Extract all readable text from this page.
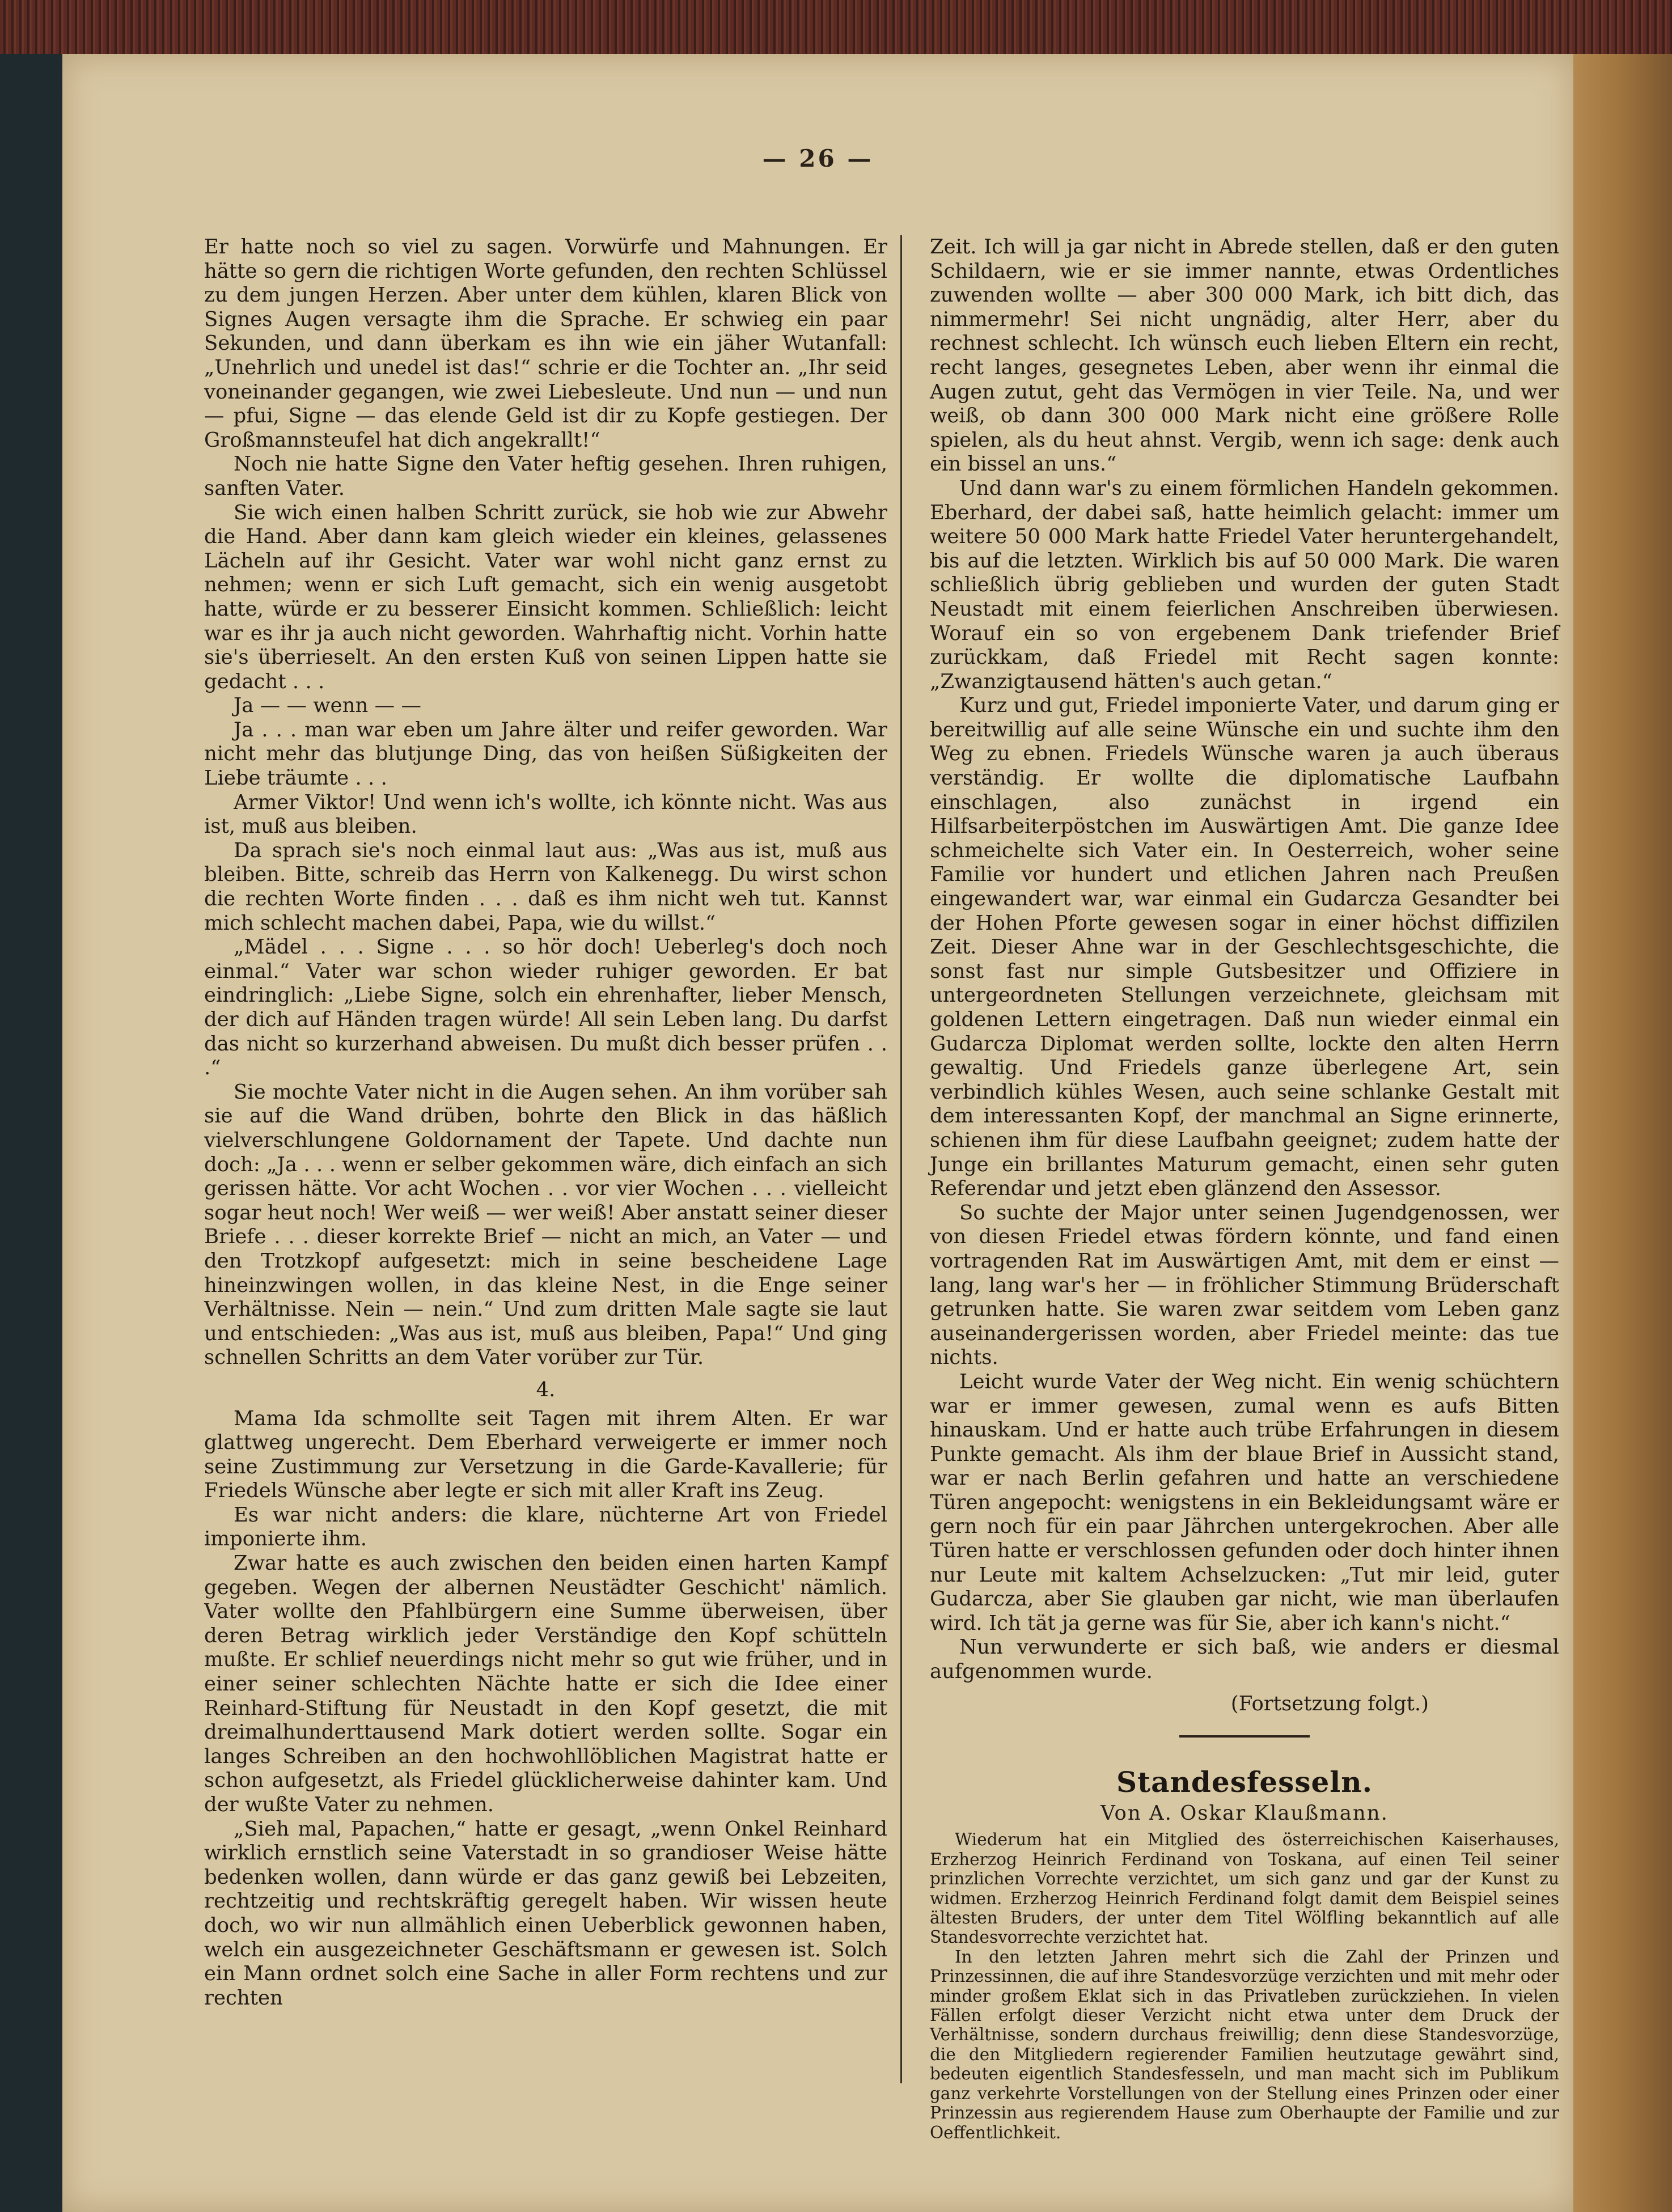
— 26 —

Er hatte noch so viel zu sagen. Vorwürfe und Mahnungen. Er hätte so gern die richtigen Worte gefunden, den rechten Schlüssel zu dem jungen Herzen. Aber unter dem kühlen, klaren Blick von Signes Augen versagte ihm die Sprache. Er schwieg ein paar Sekunden, und dann überkam es ihn wie ein jäher Wutanfall: „Unehrlich und unedel ist das!“ schrie er die Tochter an. „Ihr seid voneinander gegangen, wie zwei Liebesleute. Und nun — und nun — pfui, Signe — das elende Geld ist dir zu Kopfe gestiegen. Der Großmannsteufel hat dich angekrallt!“

Noch nie hatte Signe den Vater heftig gesehen. Ihren ruhigen, sanften Vater.

Sie wich einen halben Schritt zurück, sie hob wie zur Abwehr die Hand. Aber dann kam gleich wieder ein kleines, gelassenes Lächeln auf ihr Gesicht. Vater war wohl nicht ganz ernst zu nehmen; wenn er sich Luft gemacht, sich ein wenig ausgetobt hatte, würde er zu besserer Einsicht kommen. Schließlich: leicht war es ihr ja auch nicht geworden. Wahrhaftig nicht. Vorhin hatte sie's überrieselt. An den ersten Kuß von seinen Lippen hatte sie gedacht . . .

Ja — — wenn — —

Ja . . . man war eben um Jahre älter und reifer geworden. War nicht mehr das blutjunge Ding, das von heißen Süßigkeiten der Liebe träumte . . .

Armer Viktor! Und wenn ich's wollte, ich könnte nicht. Was aus ist, muß aus bleiben.

Da sprach sie's noch einmal laut aus: „Was aus ist, muß aus bleiben. Bitte, schreib das Herrn von Kalkenegg. Du wirst schon die rechten Worte finden . . . daß es ihm nicht weh tut. Kannst mich schlecht machen dabei, Papa, wie du willst.“

„Mädel . . . Signe . . . so hör doch! Ueberleg's doch noch einmal.“ Vater war schon wieder ruhiger geworden. Er bat eindringlich: „Liebe Signe, solch ein ehrenhafter, lieber Mensch, der dich auf Händen tragen würde! All sein Leben lang. Du darfst das nicht so kurzerhand abweisen. Du mußt dich besser prüfen . . .“

Sie mochte Vater nicht in die Augen sehen. An ihm vorüber sah sie auf die Wand drüben, bohrte den Blick in das häßlich vielverschlungene Goldornament der Tapete. Und dachte nun doch: „Ja . . . wenn er selber gekommen wäre, dich einfach an sich gerissen hätte. Vor acht Wochen . . vor vier Wochen . . . vielleicht sogar heut noch! Wer weiß — wer weiß! Aber anstatt seiner dieser Briefe . . . dieser korrekte Brief — nicht an mich, an Vater — und den Trotzkopf aufgesetzt: mich in seine bescheidene Lage hineinzwingen wollen, in das kleine Nest, in die Enge seiner Verhältnisse. Nein — nein.“ Und zum dritten Male sagte sie laut und entschieden: „Was aus ist, muß aus bleiben, Papa!“ Und ging schnellen Schritts an dem Vater vorüber zur Tür.

4.

Mama Ida schmollte seit Tagen mit ihrem Alten. Er war glattweg ungerecht. Dem Eberhard verweigerte er immer noch seine Zustimmung zur Versetzung in die Garde-Kavallerie; für Friedels Wünsche aber legte er sich mit aller Kraft ins Zeug.

Es war nicht anders: die klare, nüchterne Art von Friedel imponierte ihm.

Zwar hatte es auch zwischen den beiden einen harten Kampf gegeben. Wegen der albernen Neustädter Geschicht' nämlich. Vater wollte den Pfahlbürgern eine Summe überweisen, über deren Betrag wirklich jeder Verständige den Kopf schütteln mußte. Er schlief neuerdings nicht mehr so gut wie früher, und in einer seiner schlechten Nächte hatte er sich die Idee einer Reinhard-Stiftung für Neustadt in den Kopf gesetzt, die mit dreimalhunderttausend Mark dotiert werden sollte. Sogar ein langes Schreiben an den hochwohllöblichen Magistrat hatte er schon aufgesetzt, als Friedel glücklicherweise dahinter kam. Und der wußte Vater zu nehmen.

„Sieh mal, Papachen,“ hatte er gesagt, „wenn Onkel Reinhard wirklich ernstlich seine Vaterstadt in so grandioser Weise hätte bedenken wollen, dann würde er das ganz gewiß bei Lebzeiten, rechtzeitig und rechtskräftig geregelt haben. Wir wissen heute doch, wo wir nun allmählich einen Ueberblick gewonnen haben, welch ein ausgezeichneter Geschäftsmann er gewesen ist. Solch ein Mann ordnet solch eine Sache in aller Form rechtens und zur rechten

Zeit. Ich will ja gar nicht in Abrede stellen, daß er den guten Schildaern, wie er sie immer nannte, etwas Ordentliches zuwenden wollte — aber 300 000 Mark, ich bitt dich, das nimmermehr! Sei nicht ungnädig, alter Herr, aber du rechnest schlecht. Ich wünsch euch lieben Eltern ein recht, recht langes, gesegnetes Leben, aber wenn ihr einmal die Augen zutut, geht das Vermögen in vier Teile. Na, und wer weiß, ob dann 300 000 Mark nicht eine größere Rolle spielen, als du heut ahnst. Vergib, wenn ich sage: denk auch ein bissel an uns.“

Und dann war's zu einem förmlichen Handeln gekommen. Eberhard, der dabei saß, hatte heimlich gelacht: immer um weitere 50 000 Mark hatte Friedel Vater heruntergehandelt, bis auf die letzten. Wirklich bis auf 50 000 Mark. Die waren schließlich übrig geblieben und wurden der guten Stadt Neustadt mit einem feierlichen Anschreiben überwiesen. Worauf ein so von ergebenem Dank triefender Brief zurückkam, daß Friedel mit Recht sagen konnte: „Zwanzigtausend hätten's auch getan.“

Kurz und gut, Friedel imponierte Vater, und darum ging er bereitwillig auf alle seine Wünsche ein und suchte ihm den Weg zu ebnen. Friedels Wünsche waren ja auch überaus verständig. Er wollte die diplomatische Laufbahn einschlagen, also zunächst in irgend ein Hilfsarbeiterpöstchen im Auswärtigen Amt. Die ganze Idee schmeichelte sich Vater ein. In Oesterreich, woher seine Familie vor hundert und etlichen Jahren nach Preußen eingewandert war, war einmal ein Gudarcza Gesandter bei der Hohen Pforte gewesen sogar in einer höchst diffizilen Zeit. Dieser Ahne war in der Geschlechtsgeschichte, die sonst fast nur simple Gutsbesitzer und Offiziere in untergeordneten Stellungen verzeichnete, gleichsam mit goldenen Lettern eingetragen. Daß nun wieder einmal ein Gudarcza Diplomat werden sollte, lockte den alten Herrn gewaltig. Und Friedels ganze überlegene Art, sein verbindlich kühles Wesen, auch seine schlanke Gestalt mit dem interessanten Kopf, der manchmal an Signe erinnerte, schienen ihm für diese Laufbahn geeignet; zudem hatte der Junge ein brillantes Maturum gemacht, einen sehr guten Referendar und jetzt eben glänzend den Assessor.

So suchte der Major unter seinen Jugendgenossen, wer von diesen Friedel etwas fördern könnte, und fand einen vortragenden Rat im Auswärtigen Amt, mit dem er einst — lang, lang war's her — in fröhlicher Stimmung Brüderschaft getrunken hatte. Sie waren zwar seitdem vom Leben ganz auseinandergerissen worden, aber Friedel meinte: das tue nichts.

Leicht wurde Vater der Weg nicht. Ein wenig schüchtern war er immer gewesen, zumal wenn es aufs Bitten hinauskam. Und er hatte auch trübe Erfahrungen in diesem Punkte gemacht. Als ihm der blaue Brief in Aussicht stand, war er nach Berlin gefahren und hatte an verschiedene Türen angepocht: wenigstens in ein Bekleidungsamt wäre er gern noch für ein paar Jährchen untergekrochen. Aber alle Türen hatte er verschlossen gefunden oder doch hinter ihnen nur Leute mit kaltem Achselzucken: „Tut mir leid, guter Gudarcza, aber Sie glauben gar nicht, wie man überlaufen wird. Ich tät ja gerne was für Sie, aber ich kann's nicht.“

Nun verwunderte er sich baß, wie anders er diesmal aufgenommen wurde.

(Fortsetzung folgt.)
Standesfesseln.
Von A. Oskar Klaußmann.

Wiederum hat ein Mitglied des österreichischen Kaiserhauses, Erzherzog Heinrich Ferdinand von Toskana, auf einen Teil seiner prinzlichen Vorrechte verzichtet, um sich ganz und gar der Kunst zu widmen. Erzherzog Heinrich Ferdinand folgt damit dem Beispiel seines ältesten Bruders, der unter dem Titel Wölfling bekanntlich auf alle Standesvorrechte verzichtet hat.

In den letzten Jahren mehrt sich die Zahl der Prinzen und Prinzessinnen, die auf ihre Standesvorzüge verzichten und mit mehr oder minder großem Eklat sich in das Privatleben zurückziehen. In vielen Fällen erfolgt dieser Verzicht nicht etwa unter dem Druck der Verhältnisse, sondern durchaus freiwillig; denn diese Standesvorzüge, die den Mitgliedern regierender Familien heutzutage gewährt sind, bedeuten eigentlich Standesfesseln, und man macht sich im Publikum ganz verkehrte Vorstellungen von der Stellung eines Prinzen oder einer Prinzessin aus regierendem Hause zum Oberhaupte der Familie und zur Oeffentlichkeit.
